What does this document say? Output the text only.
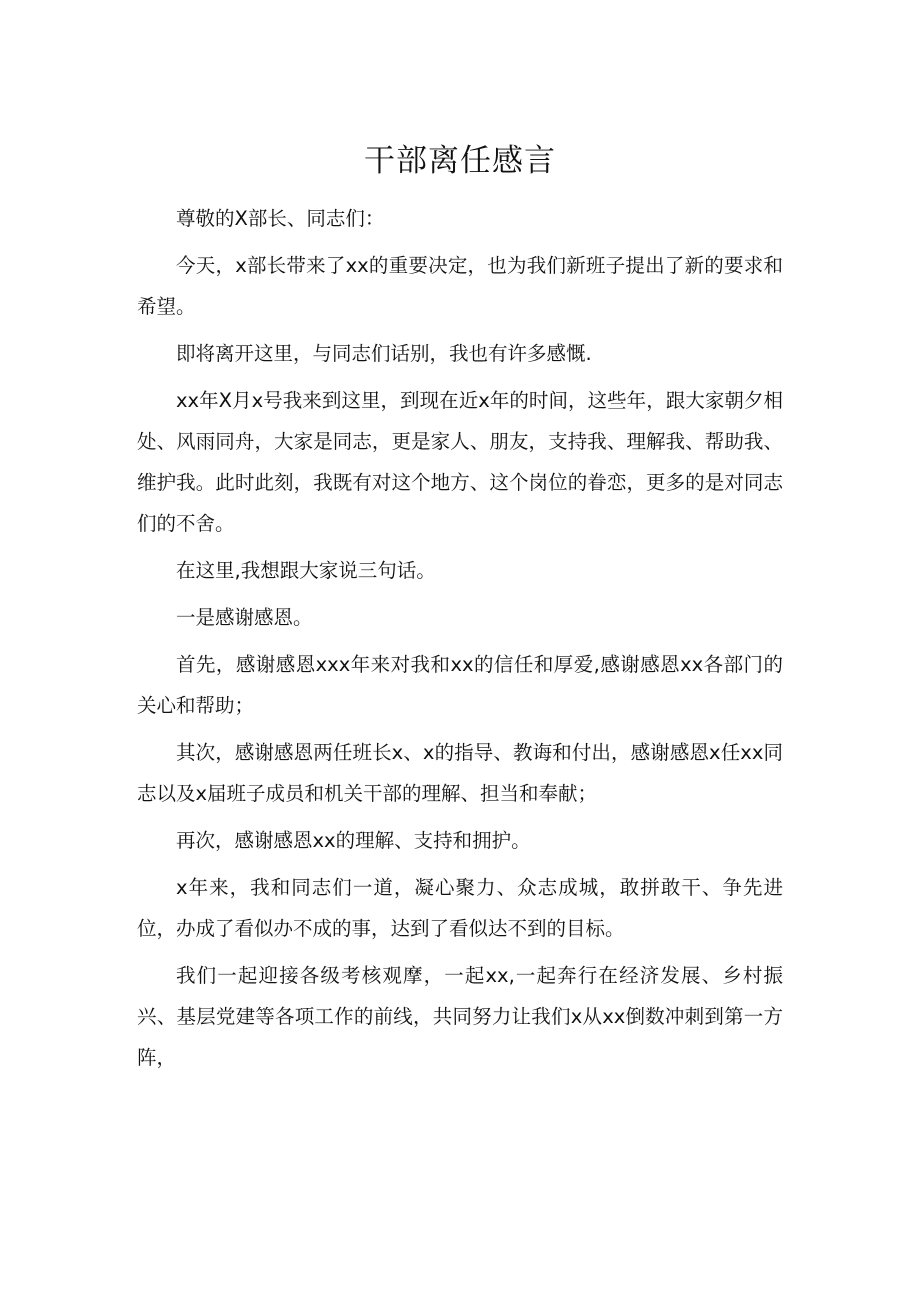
干部离任感言

尊敬的X部长、同志们：

今天，x部长带来了xx的重要决定，也为我们新班子提出了新的要求和希望。

即将离开这里，与同志们话别，我也有许多感慨.

xx年X月x号我来到这里，到现在近x年的时间，这些年，跟大家朝夕相处、风雨同舟，大家是同志，更是家人、朋友，支持我、理解我、帮助我、维护我。此时此刻，我既有对这个地方、这个岗位的眷恋，更多的是对同志们的不舍。

在这里,我想跟大家说三句话。

一是感谢感恩。

首先，感谢感恩xxx年来对我和xx的信任和厚爱,感谢感恩xx各部门的关心和帮助；

其次，感谢感恩两任班长x、x的指导、教诲和付出，感谢感恩x任xx同志以及x届班子成员和机关干部的理解、担当和奉献；

再次，感谢感恩xx的理解、支持和拥护。

x年来，我和同志们一道，凝心聚力、众志成城，敢拼敢干、争先进位，办成了看似办不成的事，达到了看似达不到的目标。

我们一起迎接各级考核观摩，一起xx,一起奔行在经济发展、乡村振兴、基层党建等各项工作的前线，共同努力让我们x从xx倒数冲刺到第一方阵，
